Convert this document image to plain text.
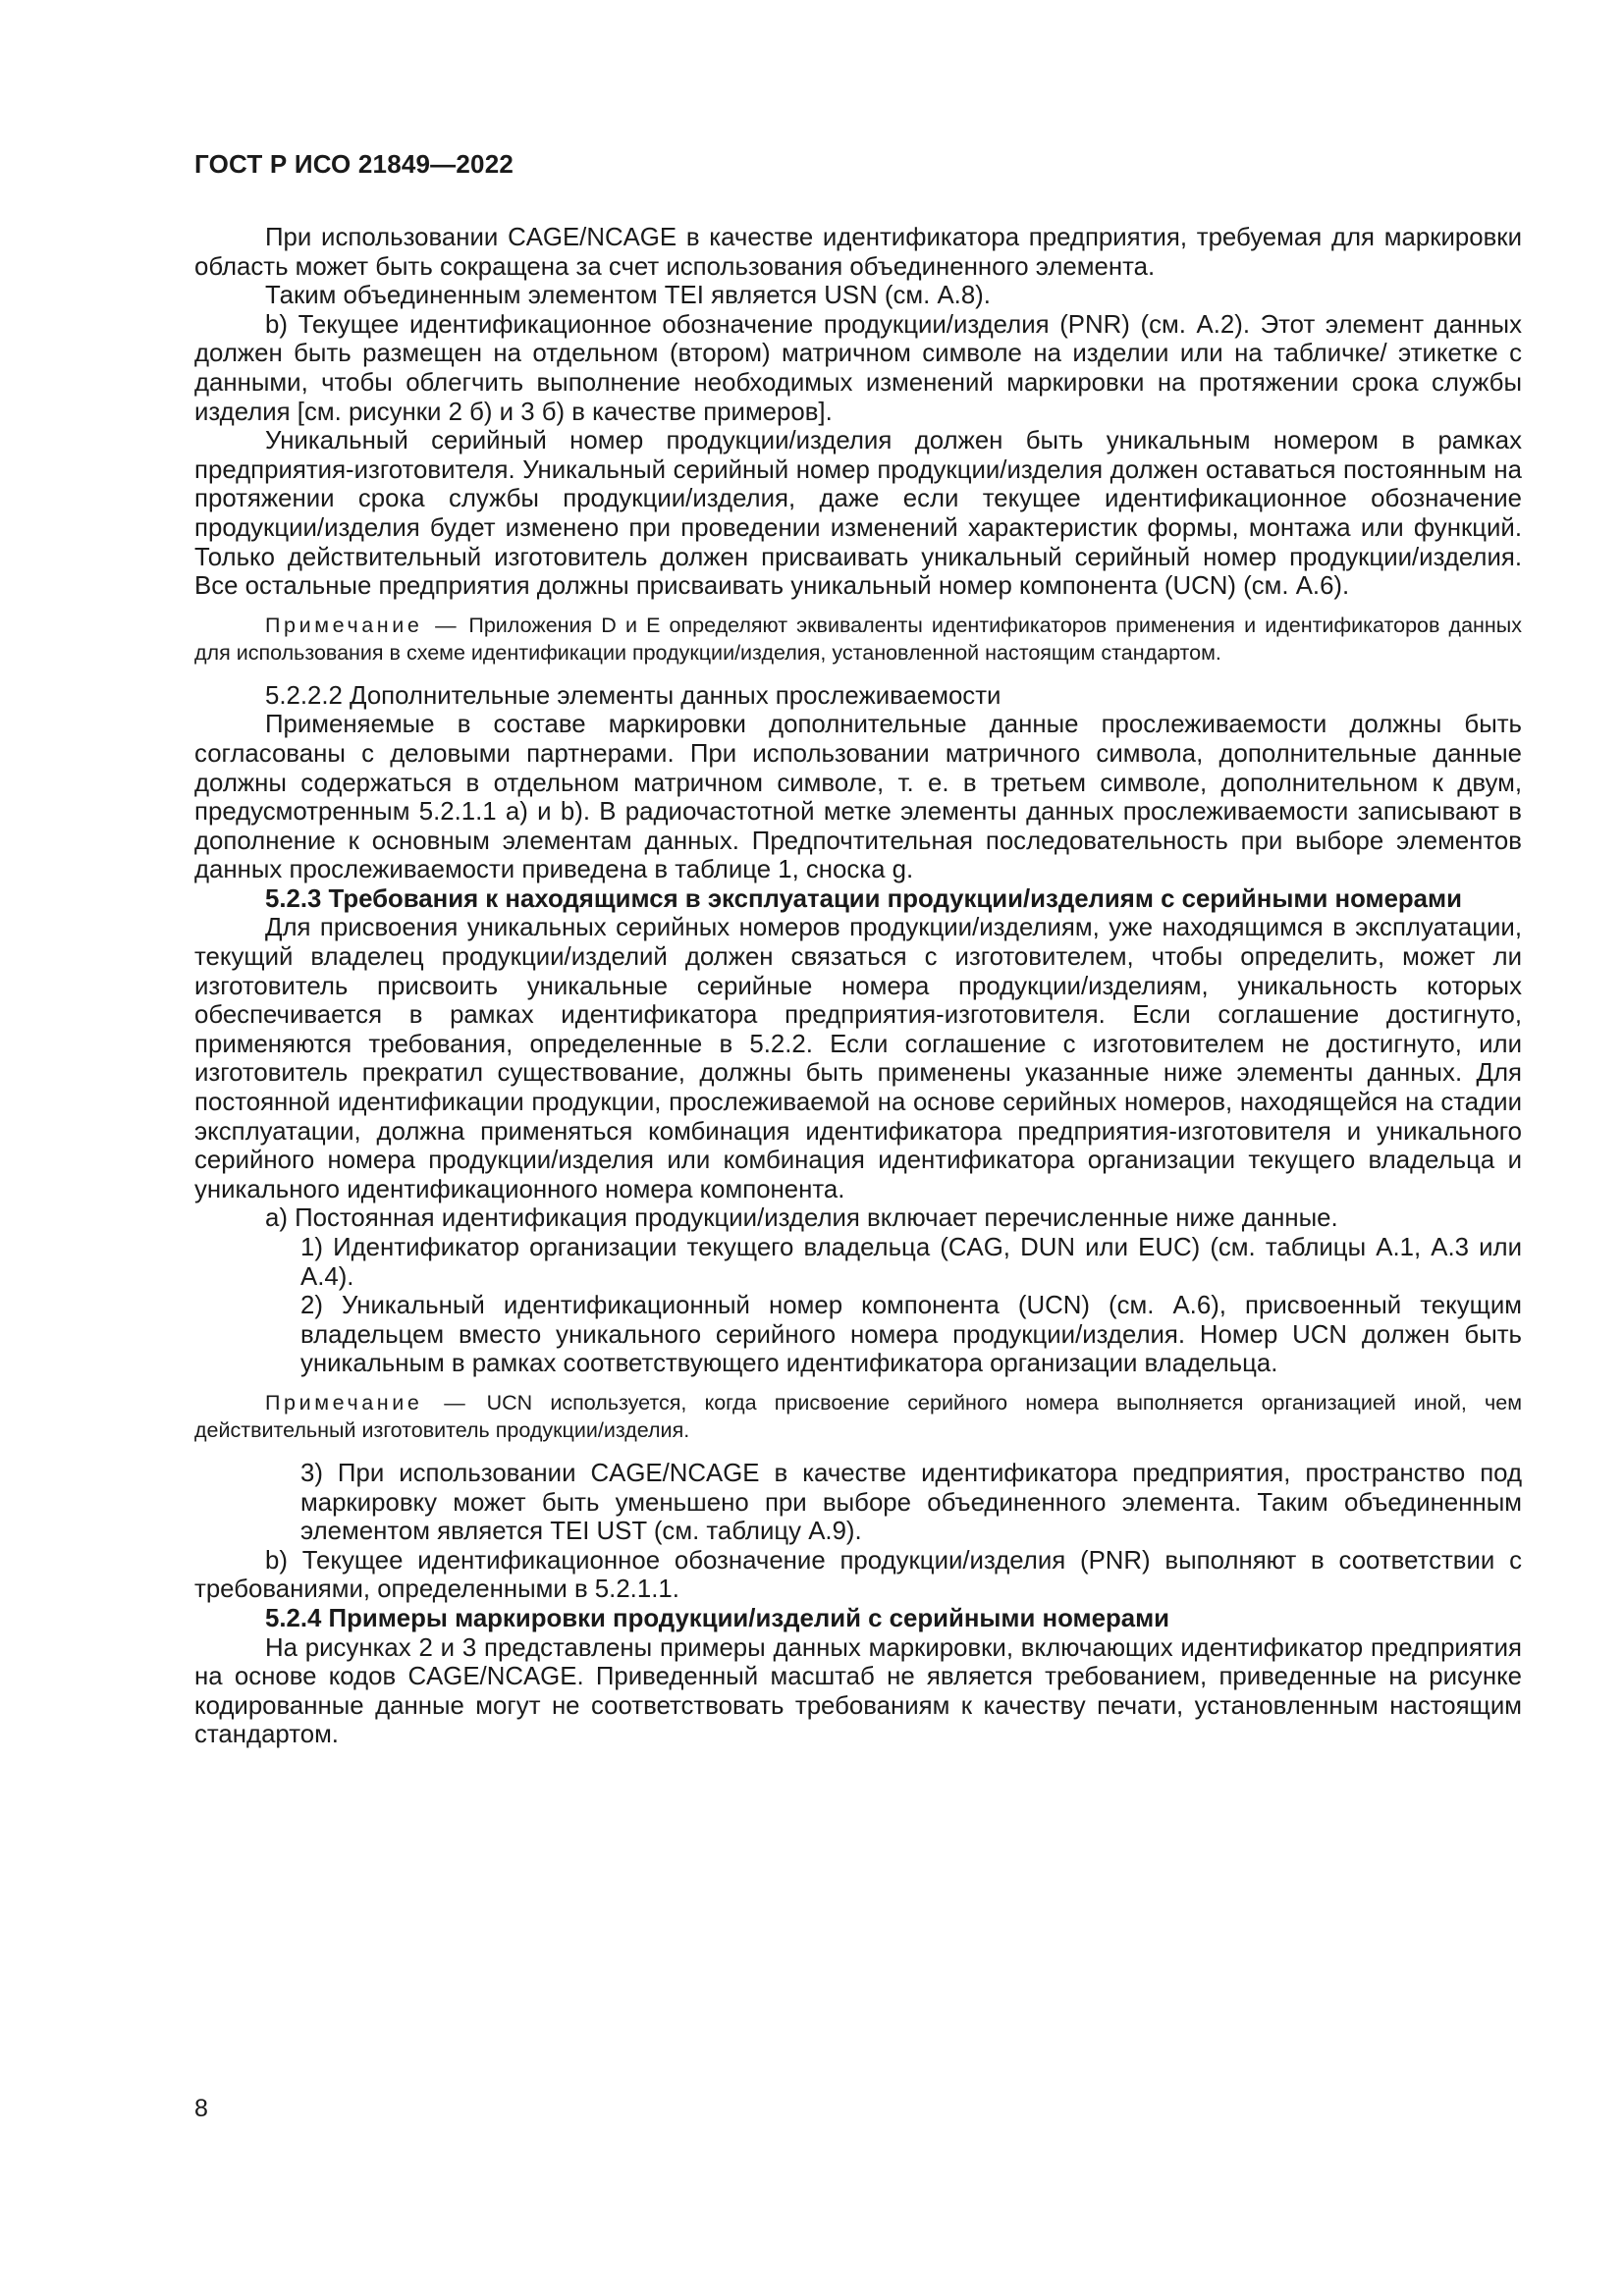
ГОСТ Р ИСО 21849—2022

При использовании CAGE/NCAGE в качестве идентификатора предприятия, требуемая для маркировки область может быть сокращена за счет использования объединенного элемента.

Таким объединенным элементом TEI является USN (см. А.8).

b) Текущее идентификационное обозначение продукции/изделия (PNR) (см. А.2). Этот элемент данных должен быть размещен на отдельном (втором) матричном символе на изделии или на табличке/ этикетке с данными, чтобы облегчить выполнение необходимых изменений маркировки на протяжении срока службы изделия [см. рисунки 2 б) и 3 б) в качестве примеров].

Уникальный серийный номер продукции/изделия должен быть уникальным номером в рамках предприятия-изготовителя. Уникальный серийный номер продукции/изделия должен оставаться постоянным на протяжении срока службы продукции/изделия, даже если текущее идентификационное обозначение продукции/изделия будет изменено при проведении изменений характеристик формы, монтажа или функций. Только действительный изготовитель должен присваивать уникальный серийный номер продукции/изделия. Все остальные предприятия должны присваивать уникальный номер компонента (UCN) (см. А.6).

Примечание — Приложения D и Е определяют эквиваленты идентификаторов применения и идентификаторов данных для использования в схеме идентификации продукции/изделия, установленной настоящим стандартом.

5.2.2.2 Дополнительные элементы данных прослеживаемости

Применяемые в составе маркировки дополнительные данные прослеживаемости должны быть согласованы с деловыми партнерами. При использовании матричного символа, дополнительные данные должны содержаться в отдельном матричном символе, т. е. в третьем символе, дополнительном к двум, предусмотренным 5.2.1.1 а) и b). В радиочастотной метке элементы данных прослеживаемости записывают в дополнение к основным элементам данных. Предпочтительная последовательность при выборе элементов данных прослеживаемости приведена в таблице 1, сноска g.

5.2.3 Требования к находящимся в эксплуатации продукции/изделиям с серийными номерами

Для присвоения уникальных серийных номеров продукции/изделиям, уже находящимся в эксплуатации, текущий владелец продукции/изделий должен связаться с изготовителем, чтобы определить, может ли изготовитель присвоить уникальные серийные номера продукции/изделиям, уникальность которых обеспечивается в рамках идентификатора предприятия-изготовителя. Если соглашение достигнуто, применяются требования, определенные в 5.2.2. Если соглашение с изготовителем не достигнуто, или изготовитель прекратил существование, должны быть применены указанные ниже элементы данных. Для постоянной идентификации продукции, прослеживаемой на основе серийных номеров, находящейся на стадии эксплуатации, должна применяться комбинация идентификатора предприятия-изготовителя и уникального серийного номера продукции/изделия или комбинация идентификатора организации текущего владельца и уникального идентификационного номера компонента.

а) Постоянная идентификация продукции/изделия включает перечисленные ниже данные.

1) Идентификатор организации текущего владельца (CAG, DUN или EUC) (см. таблицы А.1, А.3 или А.4).

2) Уникальный идентификационный номер компонента (UCN) (см. А.6), присвоенный текущим владельцем вместо уникального серийного номера продукции/изделия. Номер UCN должен быть уникальным в рамках соответствующего идентификатора организации владельца.

Примечание — UCN используется, когда присвоение серийного номера выполняется организацией иной, чем действительный изготовитель продукции/изделия.

3) При использовании CAGE/NCAGE в качестве идентификатора предприятия, пространство под маркировку может быть уменьшено при выборе объединенного элемента. Таким объединенным элементом является TEI UST (см. таблицу А.9).

b) Текущее идентификационное обозначение продукции/изделия (PNR) выполняют в соответствии с требованиями, определенными в 5.2.1.1.

5.2.4 Примеры маркировки продукции/изделий с серийными номерами

На рисунках 2 и 3 представлены примеры данных маркировки, включающих идентификатор предприятия на основе кодов CAGE/NCAGE. Приведенный масштаб не является требованием, приведенные на рисунке кодированные данные могут не соответствовать требованиям к качеству печати, установленным настоящим стандартом.

8
